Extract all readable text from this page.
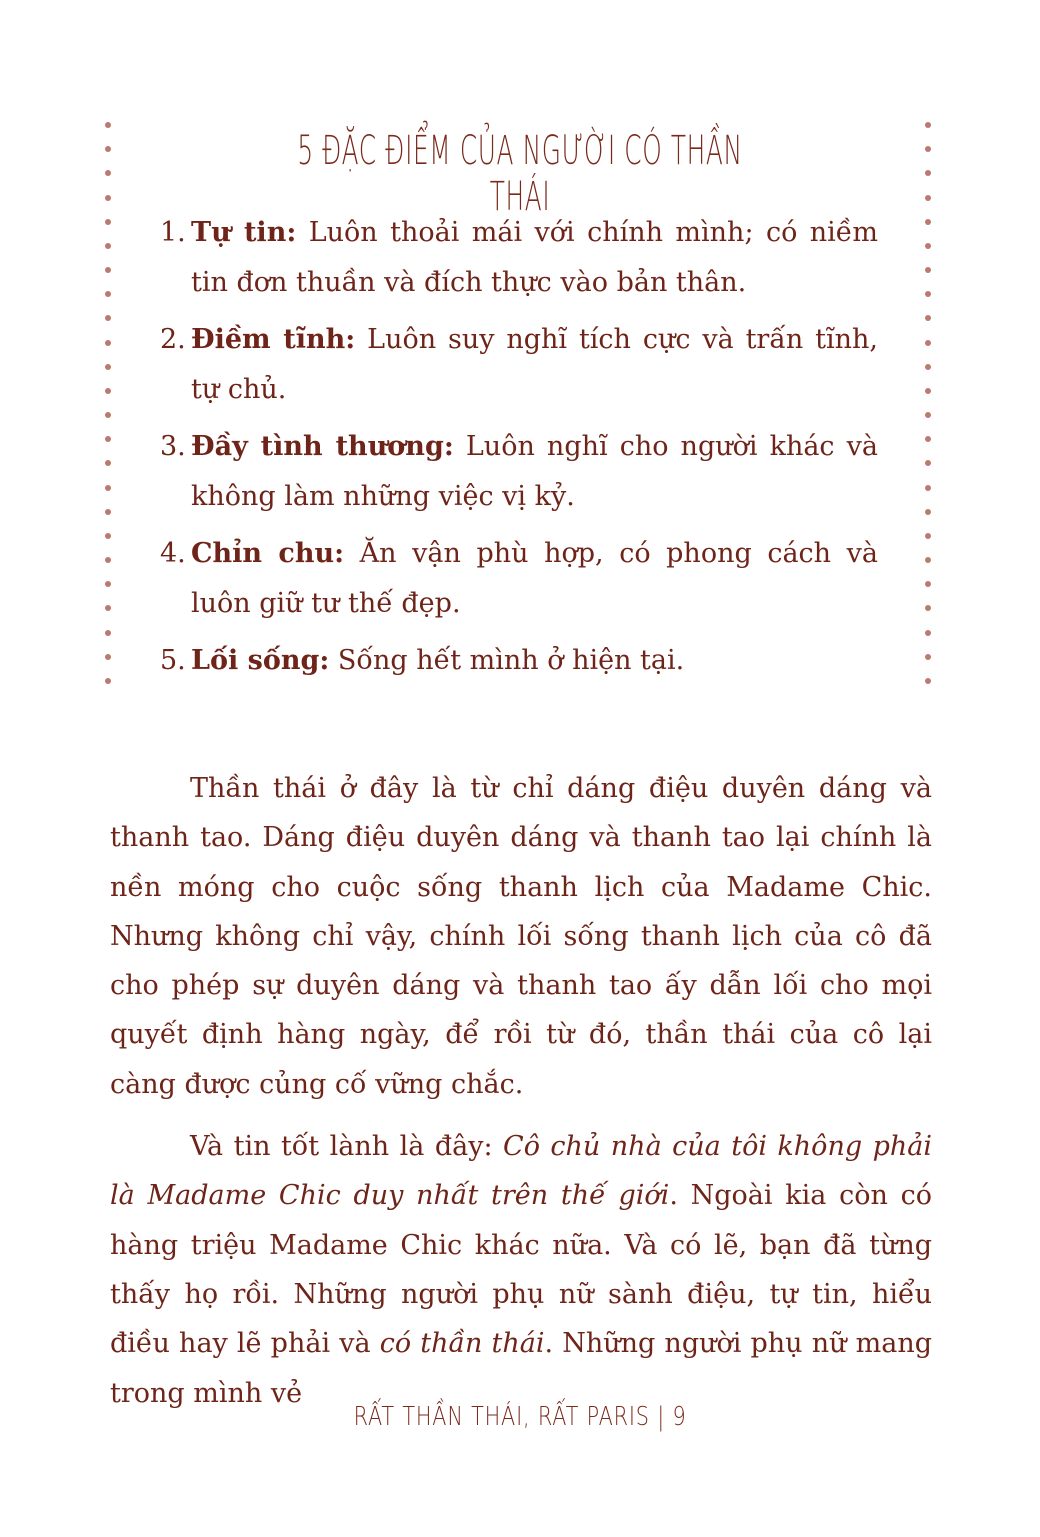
5 ĐẶC ĐIỂM CỦA NGƯỜI CÓ THẦN THÁI
1. Tự tin: Luôn thoải mái với chính mình; có niềm tin đơn thuần và đích thực vào bản thân.
2. Điềm tĩnh: Luôn suy nghĩ tích cực và trấn tĩnh, tự chủ.
3. Đầy tình thương: Luôn nghĩ cho người khác và không làm những việc vị kỷ.
4. Chỉn chu: Ăn vận phù hợp, có phong cách và luôn giữ tư thế đẹp.
5. Lối sống: Sống hết mình ở hiện tại.

Thần thái ở đây là từ chỉ dáng điệu duyên dáng và thanh tao. Dáng điệu duyên dáng và thanh tao lại chính là nền móng cho cuộc sống thanh lịch của Madame Chic. Nhưng không chỉ vậy, chính lối sống thanh lịch của cô đã cho phép sự duyên dáng và thanh tao ấy dẫn lối cho mọi quyết định hàng ngày, để rồi từ đó, thần thái của cô lại càng được củng cố vững chắc.

Và tin tốt lành là đây: Cô chủ nhà của tôi không phải là Madame Chic duy nhất trên thế giới. Ngoài kia còn có hàng triệu Madame Chic khác nữa. Và có lẽ, bạn đã từng thấy họ rồi. Những người phụ nữ sành điệu, tự tin, hiểu điều hay lẽ phải và có thần thái. Những người phụ nữ mang trong mình vẻ

RẤT THẦN THÁI, RẤT PARIS | 9
